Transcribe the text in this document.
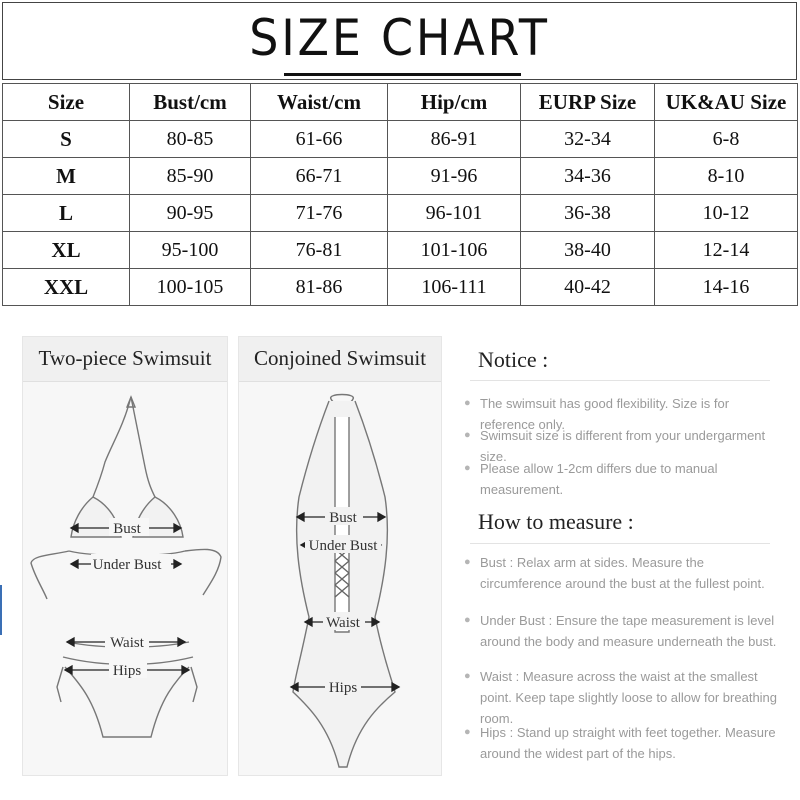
SIZE CHART
Size	Bust/cm	Waist/cm	Hip/cm	EURP Size	UK&AU Size
S	80-85	61-66	86-91	32-34	6-8
M	85-90	66-71	91-96	34-36	8-10
L	90-95	71-76	96-101	36-38	10-12
XL	95-100	76-81	101-106	38-40	12-14
XXL	100-105	81-86	106-111	40-42	14-16
Two-piece Swimsuit
Bust
Under Bust
Waist
Hips
Conjoined Swimsuit
Bust
Under Bust
Waist
Hips
Notice :
● The swimsuit has good flexibility. Size is for reference only.
● Swimsuit size is different from your undergarment size.
● Please allow 1-2cm differs due to manual measurement.
How to measure :
● Bust : Relax arm at sides. Measure the circumference around the bust at the fullest point.
● Under Bust : Ensure the tape measurement is level around the body and measure underneath the bust.
● Waist : Measure across the waist at the smallest point. Keep tape slightly loose to allow for breathing room.
● Hips : Stand up straight with feet together. Measure around the widest part of the hips.
